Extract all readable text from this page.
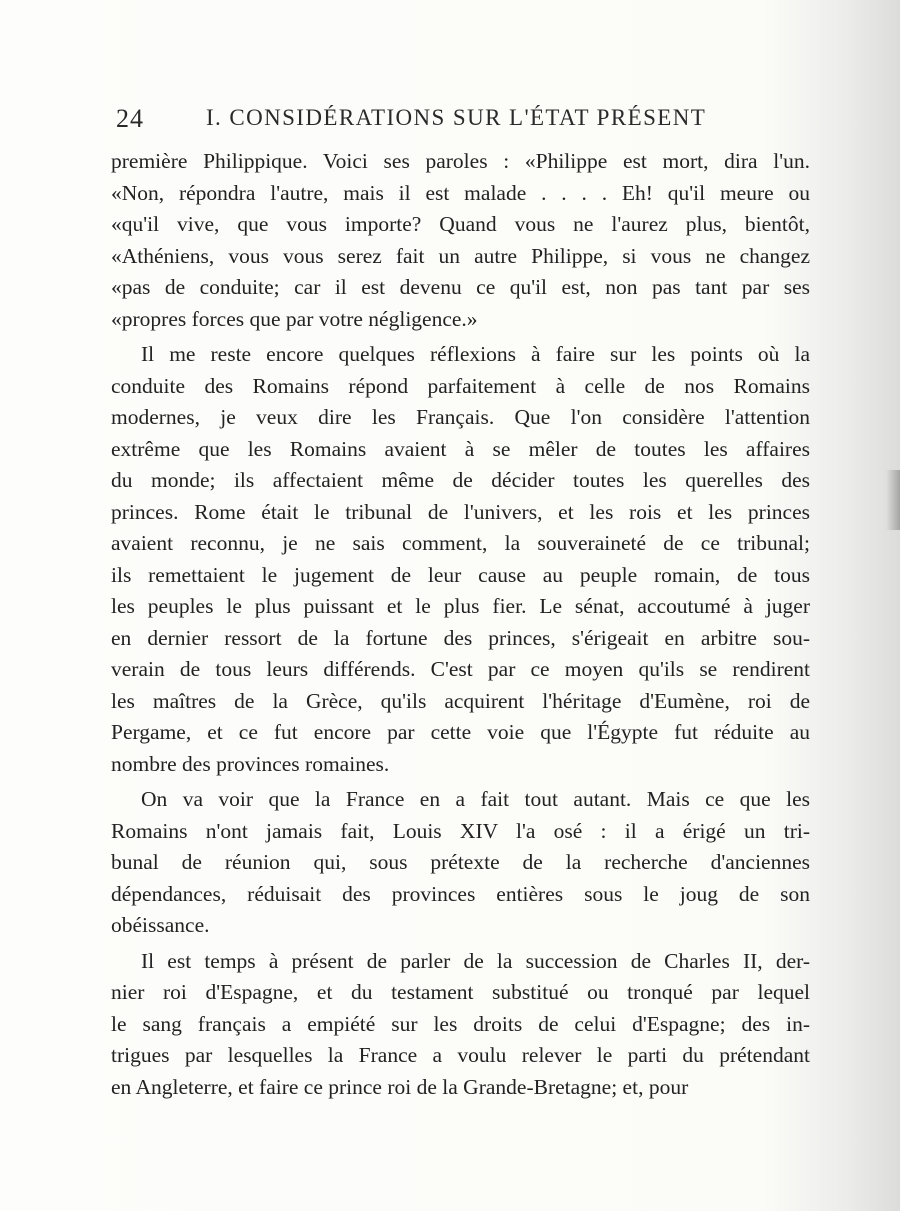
24	I. CONSIDÉRATIONS SUR L'ÉTAT PRÉSENT

première Philippique. Voici ses paroles : «Philippe est mort, dira l'un.
«Non, répondra l'autre, mais il est malade . . . . Eh! qu'il meure ou
«qu'il vive, que vous importe? Quand vous ne l'aurez plus, bientôt,
«Athéniens, vous vous serez fait un autre Philippe, si vous ne changez
«pas de conduite; car il est devenu ce qu'il est, non pas tant par ses
«propres forces que par votre négligence.»

Il me reste encore quelques réflexions à faire sur les points où la
conduite des Romains répond parfaitement à celle de nos Romains
modernes, je veux dire les Français. Que l'on considère l'attention
extrême que les Romains avaient à se mêler de toutes les affaires
du monde; ils affectaient même de décider toutes les querelles des
princes. Rome était le tribunal de l'univers, et les rois et les princes
avaient reconnu, je ne sais comment, la souveraineté de ce tribunal;
ils remettaient le jugement de leur cause au peuple romain, de tous
les peuples le plus puissant et le plus fier. Le sénat, accoutumé à juger
en dernier ressort de la fortune des princes, s'érigeait en arbitre sou-
verain de tous leurs différends. C'est par ce moyen qu'ils se rendirent
les maîtres de la Grèce, qu'ils acquirent l'héritage d'Eumène, roi de
Pergame, et ce fut encore par cette voie que l'Égypte fut réduite au
nombre des provinces romaines.

On va voir que la France en a fait tout autant. Mais ce que les
Romains n'ont jamais fait, Louis XIV l'a osé : il a érigé un tri-
bunal de réunion qui, sous prétexte de la recherche d'anciennes
dépendances, réduisait des provinces entières sous le joug de son
obéissance.

Il est temps à présent de parler de la succession de Charles II, der-
nier roi d'Espagne, et du testament substitué ou tronqué par lequel
le sang français a empiété sur les droits de celui d'Espagne; des in-
trigues par lesquelles la France a voulu relever le parti du prétendant
en Angleterre, et faire ce prince roi de la Grande-Bretagne; et, pour
